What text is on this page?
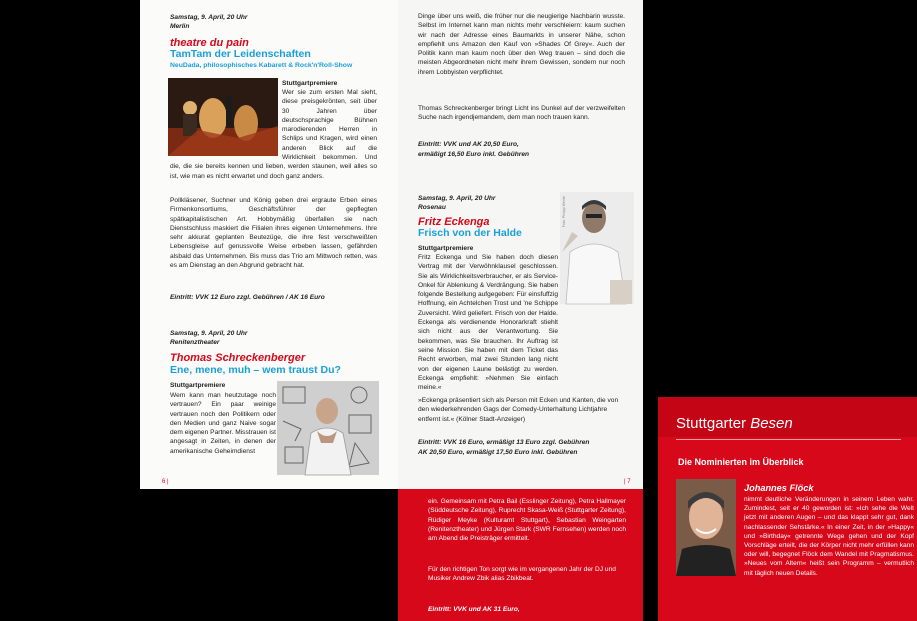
Samstag, 9. April, 20 Uhr
Merlin
theatre du pain
TamTam der Leidenschaften
NeuDada, philosophisches Kabarett & Rock'n'Roll-Show
Stuttgartpremiere
Wer sie zum ersten Mal sieht, diese preisgekrönten, seit über 30 Jahren über deutschsprachige Bühnen marodierenden Herren in Schlips und Kragen, wird einen anderen Blick auf die Wirklichkeit bekommen. Und die, die sie bereits kennen und lieben, werden staunen, weil alles so ist, wie man es nicht erwartet und doch ganz anders.
Pollkläsener, Suchner und König geben drei ergraute Erben eines Firmenkonsortiums, Geschäftsführer der gepflegten spätkapitalistischen Art. Hobbymäßig überfallen sie nach Dienstschluss maskiert die Filialen ihres eigenen Unternehmens. Ihre sehr akkurat geplanten Beutezüge, die ihre fest verschweißten Lebensgleise auf genussvolle Weise erbeben lassen, gefährden alsbald das Unternehmen. Bis muss das Trio am Mittwoch retten, was es am Dienstag an den Abgrund gebracht hat.
Eintritt: VVK 12 Euro zzgl. Gebühren / AK 16 Euro
Samstag, 9. April, 20 Uhr
Renitenztheater
Thomas Schreckenberger
Ene, mene, muh – wem traust Du?
Stuttgartpremiere
Wem kann man heutzutage noch vertrauen? Ein paar weinige vertrauen noch den Politikern oder den Medien und ganz Naive sogar dem eigenen Partner. Misstrauen ist angesagt in Zeiten, in denen der amerikanische Geheimdienst
6 |
Dinge über uns weiß, die früher nur die neugierige Nachbarin wusste. Selbst im Internet kann man nichts mehr verschleiern: kaum suchen wir nach der Adresse eines Baumarkts in unserer Nähe, schon empfiehlt uns Amazon den Kauf von »Shades Of Grey«. Auch der Politik kann man kaum noch über den Weg trauen – sind doch die meisten Abgeordneten nicht mehr ihrem Gewissen, sondern nur noch ihrem Lobbyisten verpflichtet.
Thomas Schreckenberger bringt Licht ins Dunkel auf der verzweifelten Suche nach irgendjemandem, dem man noch trauen kann.
Eintritt: VVK und AK 20,50 Euro,
ermäßigt 16,50 Euro inkl. Gebühren
Samstag, 9. April, 20 Uhr
Rosenau
Fritz Eckenga
Frisch von der Halde
Stuttgartpremiere
Foto: Philipp Wente
Fritz Eckenga und Sie haben doch diesen Vertrag mit der Verwöhnklausel geschlossen. Sie als Wirklichkeitsverbraucher, er als Service-Onkel für Ablenkung & Verdrängung. Sie haben folgende Bestellung aufgegeben: Für einsfuffzig Hoffnung, ein Achtelchen Trost und 'ne Schippe Zuversicht. Wird geliefert. Frisch von der Halde. Eckenga als verdienende Honorarkraft stiehlt sich nicht aus der Verantwortung. Sie bekommen, was Sie brauchen. Ihr Auftrag ist seine Mission. Sie haben mit dem Ticket das Recht erworben, mal zwei Stunden lang nicht von der eigenen Laune belästigt zu werden. Eckenga empfiehlt: »Nehmen Sie einfach meine.«
»Eckenga präsentiert sich als Person mit Ecken und Kanten, die von den wiederkehrenden Gags der Comedy-Unterhaltung Lichtjahre entfernt ist.« (Kölner Stadt-Anzeiger)
Eintritt: VVK 16 Euro, ermäßigt 13 Euro zzgl. Gebühren
AK 20,50 Euro, ermäßigt 17,50 Euro inkl. Gebühren
| 7
ein. Gemeinsam mit Petra Bail (Esslinger Zeitung), Petra Hallmayer (Süddeutsche Zeitung), Ruprecht Skasa-Weiß (Stuttgarter Zeitung), Rüdiger Meyke (Kulturamt Stuttgart), Sebastian Weingarten (Renitenztheater) und Jürgen Stark (SWR Fernsehen) werden noch am Abend die Preisträger ermittelt.
Für den richtigen Ton sorgt wie im vergangenen Jahr der DJ und Musiker Andrew Zbik alias Zbikbeat.
Eintritt: VVK und AK 31 Euro,
Stuttgarter Besen
Die Nominierten im Überblick
Johannes Flöck
nimmt deutliche Veränderungen in seinem Leben wahr. Zumindest, seit er 40 geworden ist: »Ich sehe die Welt jetzt mit anderen Augen – und das klappt sehr gut, dank nachlassender Sehstärke.« In einer Zeit, in der »Happy« und »Birthday« getrennte Wege gehen und der Kopf Vorschläge erteilt, die der Körper nicht mehr erfüllen kann oder will, begegnet Flöck dem Wandel mit Pragmatismus. »Neues vom Altern« heißt sein Programm – vermutlich mit täglich neuen Details.
